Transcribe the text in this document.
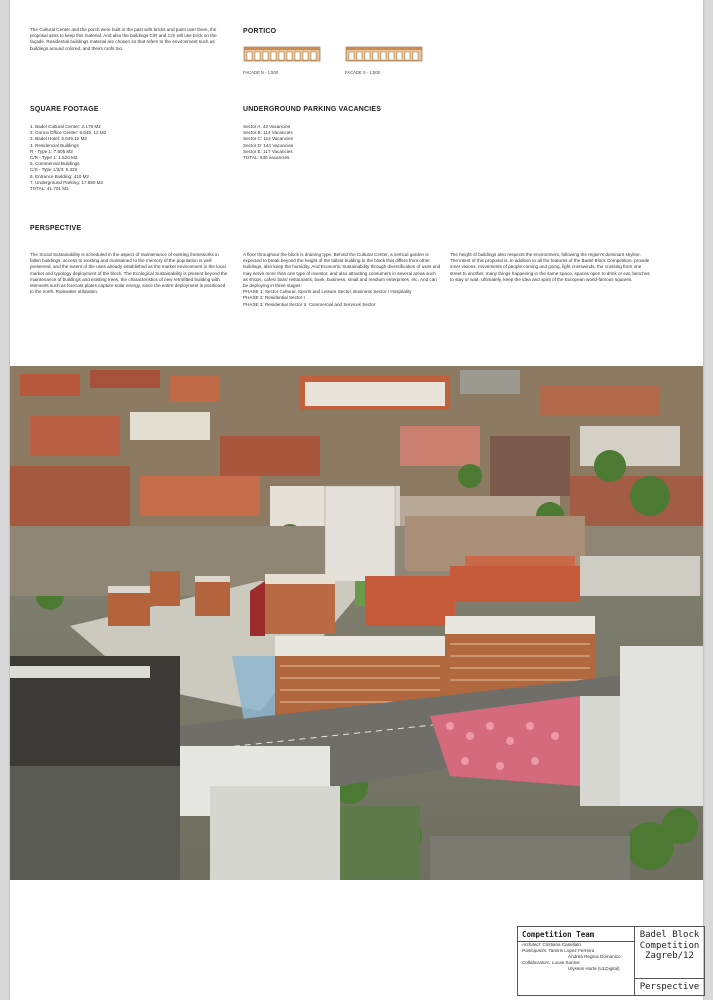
The Cultural Center and the porch were built in the past with bricks and paint over them, the proposal aims to keep this material. And also the buildings C/R and C/S will use brick on the façade. Residential buildings material are chosen so that refers to the environment such as buildings around colored, and theirs roofs too.
PORTICO
FACADE N - 1:500	FACADE S - 1:500
SQUARE FOOTAGE
1. Badel Cultural Center: 2.178 M2
2. Gorica Office Center: 5.649, 12 M2
3. Badel Hotel: 5.649,12 M2
4. Residencial Buildings
R - Type 1: 7.605 M2
C/R - Type 1: 1.520 M2
5. Commercial Buildings
C/S - Type 1/2/3: 5.320
6. Entrance Building: 410 M2
7. Underground Parking: 17.890 M2
TOTAL: 41.701 M2
UNDERGROUND PARKING VACANCIES
Sector A: 43 Vacancies
Sector B: 114 Vacancies
Sector C: 112 Vacancies
Sector D: 144 Vacancies
Sector E: 117 Vacancies
TOTAL: 530 vacancies.
PERSPECTIVE
The Social Sustainability is scheduled in the aspect of maintenance of existing frameworks in fallen buildings, access to existing and maintained to the memory of the population is well preserved, and the extent of the uses already established as the market environment in the local market and typology deployment of the block. The Ecological Sustainability is present beyond the maintenance of buildings and existing trees, the characteristics of new retrofitted building with elements such as forecast plates capture solar energy, since the entire deployment is positioned to the north. Rainwater utilization.
A floor throughout the block is draining type. Behind the Cultural Center, a vertical garden is expected to break beyond the height of the tallest building in the block that differs from other buildings, also keep the humidity. And Economic Sustainability through diversification of uses and may serve more than one type of investor, and also attracting consumers in several areas such as shops, cafes/ bars/ restaurants, bank, business, small and medium enterprises, etc. And can be deploying in three stages:
PHASE 1: Sector Cultural, Sports and Leisure Sector, Business Sector / Hospitality
PHASE 2: Residential Sector I
PHASE 3: Residential Sector II, Commercial and Services Sector
The height of buildings also respects the environment, following the region's dominant skyline.
The intent of this proposal is, in addition to all the features of the Badel Block Competition, provide inner visions, movements of people coming and going, light crosswinds, the crossing from one street to another, many things happening in the same space, spaces open to drink or eat, benches to stay or wait. Ultimately, keep the idea and spirit of the European world-famous squares.
Competition Team
Architect: Cristiana Casellato
Participants: Tamiris Lopez Ferreira
Andréa Regina Domanico
Collaborators: Lucas Santos
Ulysses Horta (ULDigital)
Badel Block
Competition
Zagreb/12
Perspective
